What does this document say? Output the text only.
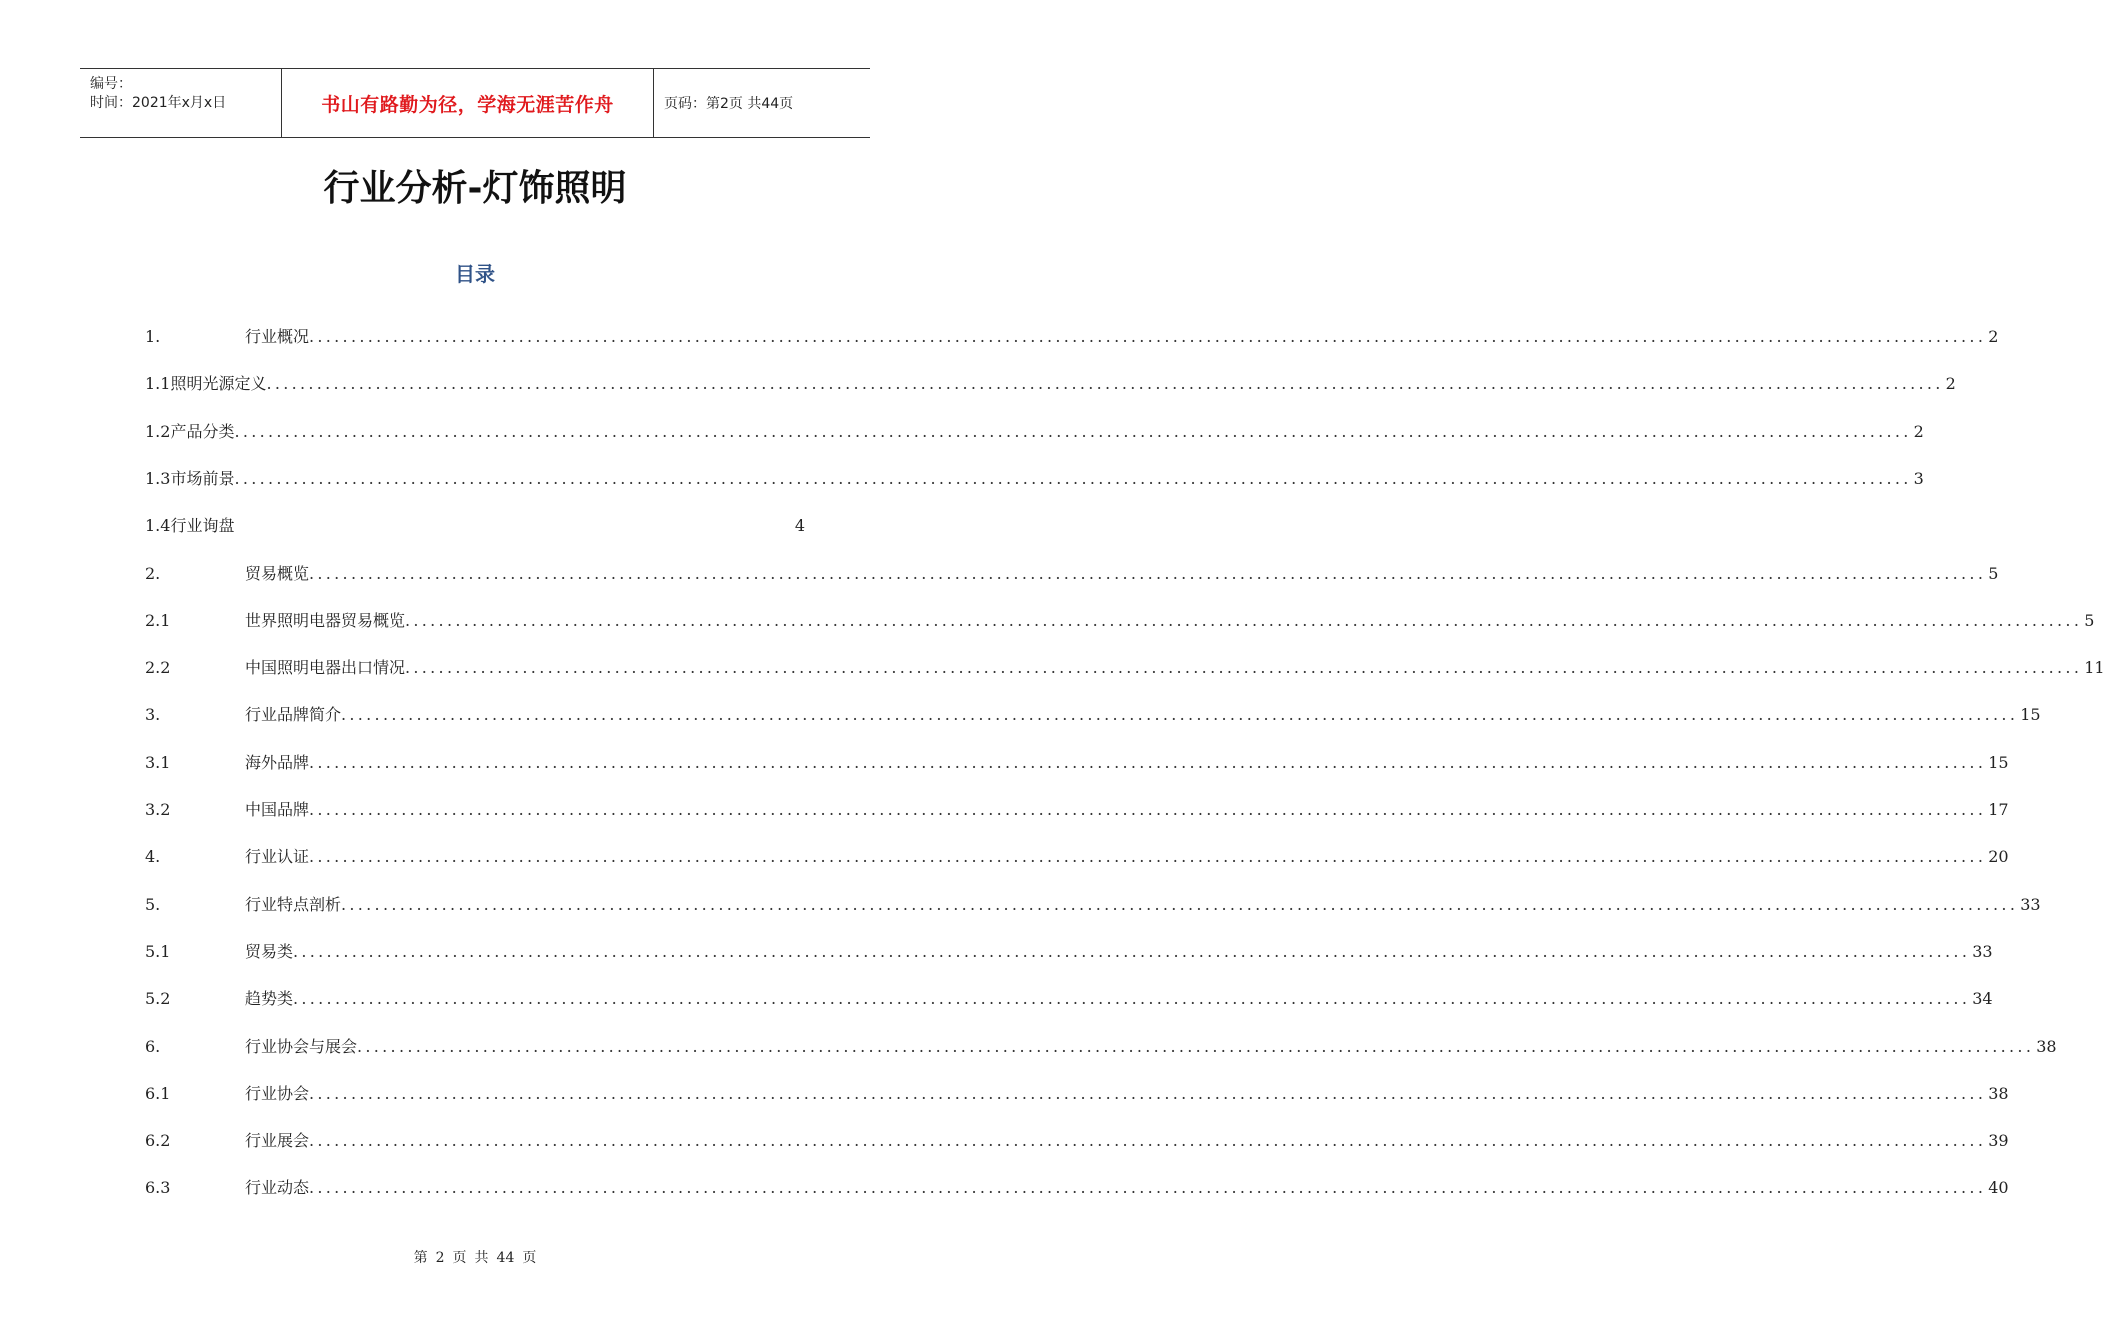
编号：
时间：2021年x月x日	书山有路勤为径，学海无涯苦作舟	页码：第2页 共44页
行业分析-灯饰照明
目录
1.	行业概况 ........................................................................................................................................................................................................ 2
1.1 照明光源定义 ........................................................................................................................................................................................................ 2
1.2 产品分类 ........................................................................................................................................................................................................ 2
1.3 市场前景 ........................................................................................................................................................................................................ 3
1.4 行业询盘	4
2.	贸易概览 ........................................................................................................................................................................................................ 5
2.1	世界照明电器贸易概览 ........................................................................................................................................................................................................ 5
2.2	中国照明电器出口情况 ........................................................................................................................................................................................................ 11
3.	行业品牌简介 ........................................................................................................................................................................................................ 15
3.1	海外品牌 ........................................................................................................................................................................................................ 15
3.2	中国品牌 ........................................................................................................................................................................................................ 17
4.	行业认证 ........................................................................................................................................................................................................ 20
5.	行业特点剖析 ........................................................................................................................................................................................................ 33
5.1	贸易类 ........................................................................................................................................................................................................ 33
5.2	趋势类 ........................................................................................................................................................................................................ 34
6.	行业协会与展会 ........................................................................................................................................................................................................ 38
6.1	行业协会 ........................................................................................................................................................................................................ 38
6.2	行业展会 ........................................................................................................................................................................................................ 39
6.3	行业动态 ........................................................................................................................................................................................................ 40
第 2 页 共 44 页
